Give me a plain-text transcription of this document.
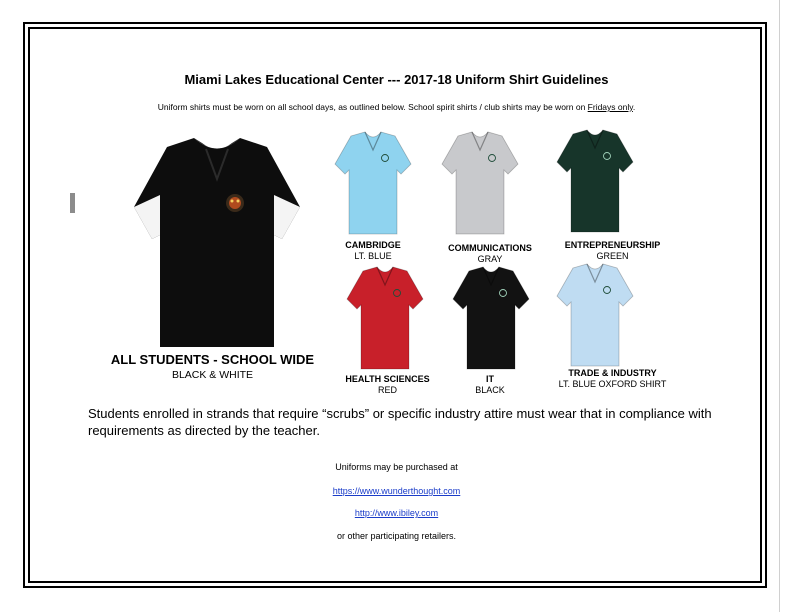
Miami Lakes Educational Center --- 2017-18 Uniform Shirt Guidelines
Uniform shirts must be worn on all school days, as outlined below. School spirit shirts / club shirts may be worn on Fridays only.
ALL STUDENTS - SCHOOL WIDE
BLACK & WHITE
CAMBRIDGE
LT. BLUE
COMMUNICATIONS
GRAY
ENTREPRENEURSHIP
GREEN
HEALTH SCIENCES
RED
IT
BLACK
TRADE & INDUSTRY
LT. BLUE OXFORD SHIRT
Students enrolled in strands that require “scrubs” or specific industry attire must wear that in compliance with requirements as directed by the teacher.
Uniforms may be purchased at
https://www.wunderthought.com
http://www.ibiley.com
or other participating retailers.
